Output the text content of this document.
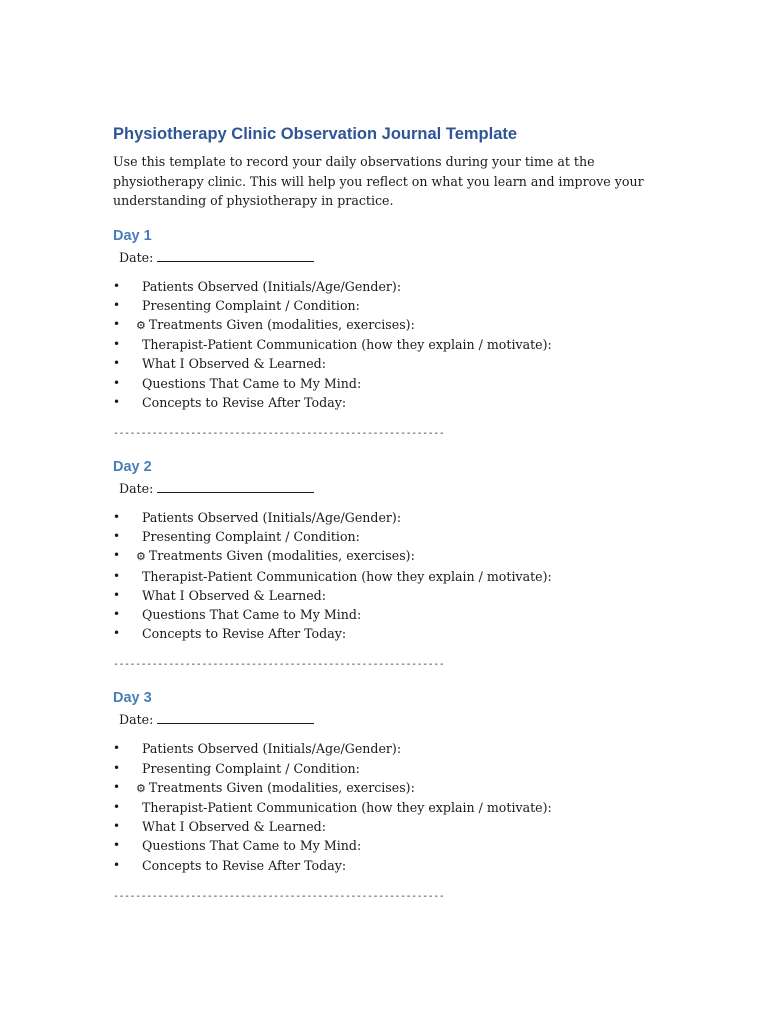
Physiotherapy Clinic Observation Journal Template

Use this template to record your daily observations during your time at the physiotherapy clinic. This will help you reflect on what you learn and improve your understanding of physiotherapy in practice.

Day 1
Date:
• Patients Observed (Initials/Age/Gender):
• Presenting Complaint / Condition:
• ⚙ Treatments Given (modalities, exercises):
• Therapist-Patient Communication (how they explain / motivate):
• What I Observed & Learned:
• Questions That Came to My Mind:
• Concepts to Revise After Today:
------------------------------------------------------------
Day 2
Date:
• Patients Observed (Initials/Age/Gender):
• Presenting Complaint / Condition:
• ⚙ Treatments Given (modalities, exercises):
• Therapist-Patient Communication (how they explain / motivate):
• What I Observed & Learned:
• Questions That Came to My Mind:
• Concepts to Revise After Today:
------------------------------------------------------------
Day 3
Date:
• Patients Observed (Initials/Age/Gender):
• Presenting Complaint / Condition:
• ⚙ Treatments Given (modalities, exercises):
• Therapist-Patient Communication (how they explain / motivate):
• What I Observed & Learned:
• Questions That Came to My Mind:
• Concepts to Revise After Today:
------------------------------------------------------------
